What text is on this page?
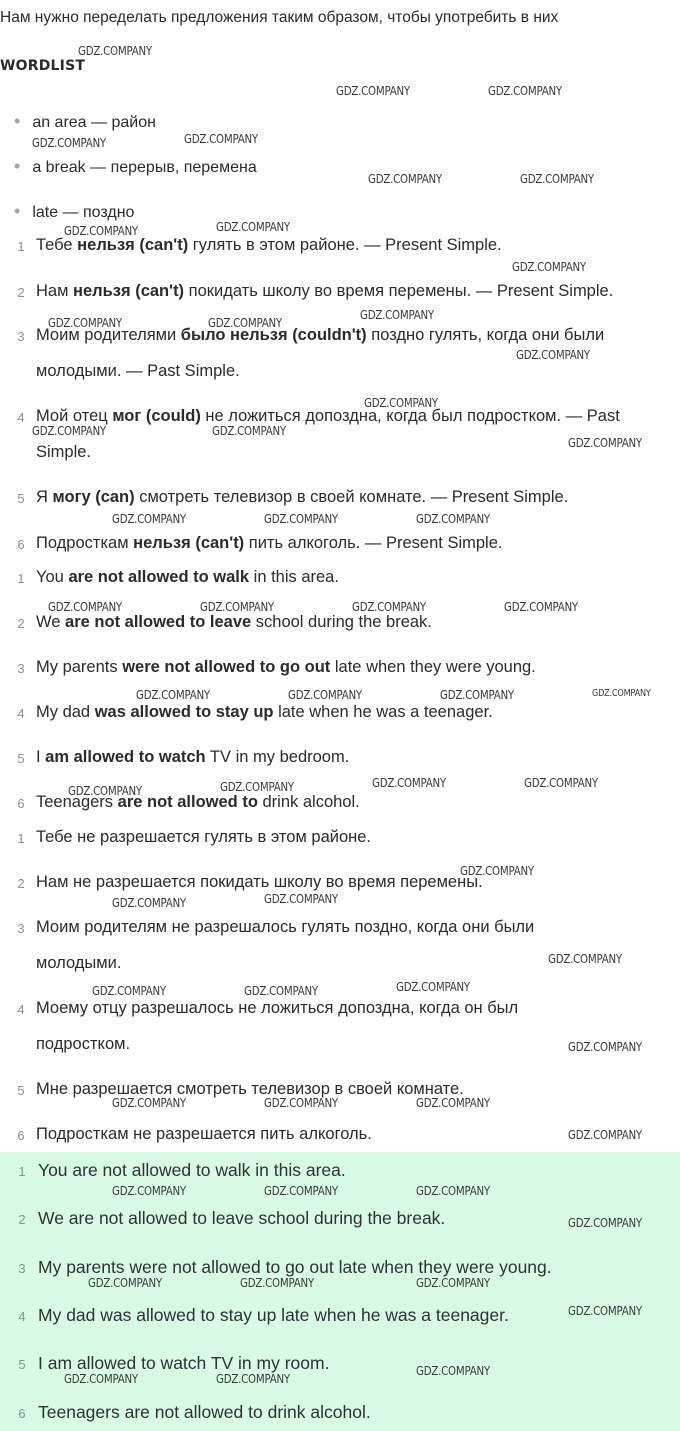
Нам нужно переделать предложения таким образом, чтобы употребить в них
WORDLIST
• an area — район
• a break — перерыв, перемена
• late — поздно
1 Тебе нельзя (can't) гулять в этом районе. — Present Simple.
2 Нам нельзя (can't) покидать школу во время перемены. — Present Simple.
3 Моим родителями было нельзя (couldn't) поздно гулять, когда они были
молодыми. — Past Simple.
4 Мой отец мог (could) не ложиться допоздна, когда был подростком. — Past
Simple.
5 Я могу (can) смотреть телевизор в своей комнате. — Present Simple.
6 Подросткам нельзя (can't) пить алкоголь. — Present Simple.
1 You are not allowed to walk in this area.
2 We are not allowed to leave school during the break.
3 My parents were not allowed to go out late when they were young.
4 My dad was allowed to stay up late when he was a teenager.
5 I am allowed to watch TV in my bedroom.
6 Teenagers are not allowed to drink alcohol.
1 Тебе не разрешается гулять в этом районе.
2 Нам не разрешается покидать школу во время перемены.
3 Моим родителям не разрешалось гулять поздно, когда они были
молодыми.
4 Моему отцу разрешалось не ложиться допоздна, когда он был
подростком.
5 Мне разрешается смотреть телевизор в своей комнате.
6 Подросткам не разрешается пить алкоголь.
1 You are not allowed to walk in this area.
2 We are not allowed to leave school during the break.
3 My parents were not allowed to go out late when they were young.
4 My dad was allowed to stay up late when he was a teenager.
5 I am allowed to watch TV in my room.
6 Teenagers are not allowed to drink alcohol.
GDZ.COMPANY
GDZ.COMPANY	GDZ.COMPANY
GDZ.COMPANY	GDZ.COMPANY
GDZ.COMPANY	GDZ.COMPANY
GDZ.COMPANY	GDZ.COMPANY
GDZ.COMPANY
GDZ.COMPANY	GDZ.COMPANY
GDZ.COMPANY
GDZ.COMPANY
GDZ.COMPANY
GDZ.COMPANY	GDZ.COMPANY
GDZ.COMPANY
GDZ.COMPANY	GDZ.COMPANY	GDZ.COMPANY
GDZ.COMPANY	GDZ.COMPANY	GDZ.COMPANY	GDZ.COMPANY
GDZ.COMPANY	GDZ.COMPANY	GDZ.COMPANY	GDZ.COMPANY
GDZ.COMPANY	GDZ.COMPANY	GDZ.COMPANY	GDZ.COMPANY
GDZ.COMPANY
GDZ.COMPANY	GDZ.COMPANY
GDZ.COMPANY
GDZ.COMPANY	GDZ.COMPANY	GDZ.COMPANY
GDZ.COMPANY
GDZ.COMPANY	GDZ.COMPANY	GDZ.COMPANY
GDZ.COMPANY
GDZ.COMPANY	GDZ.COMPANY	GDZ.COMPANY
GDZ.COMPANY
GDZ.COMPANY	GDZ.COMPANY	GDZ.COMPANY
GDZ.COMPANY
GDZ.COMPANY
GDZ.COMPANY	GDZ.COMPANY
